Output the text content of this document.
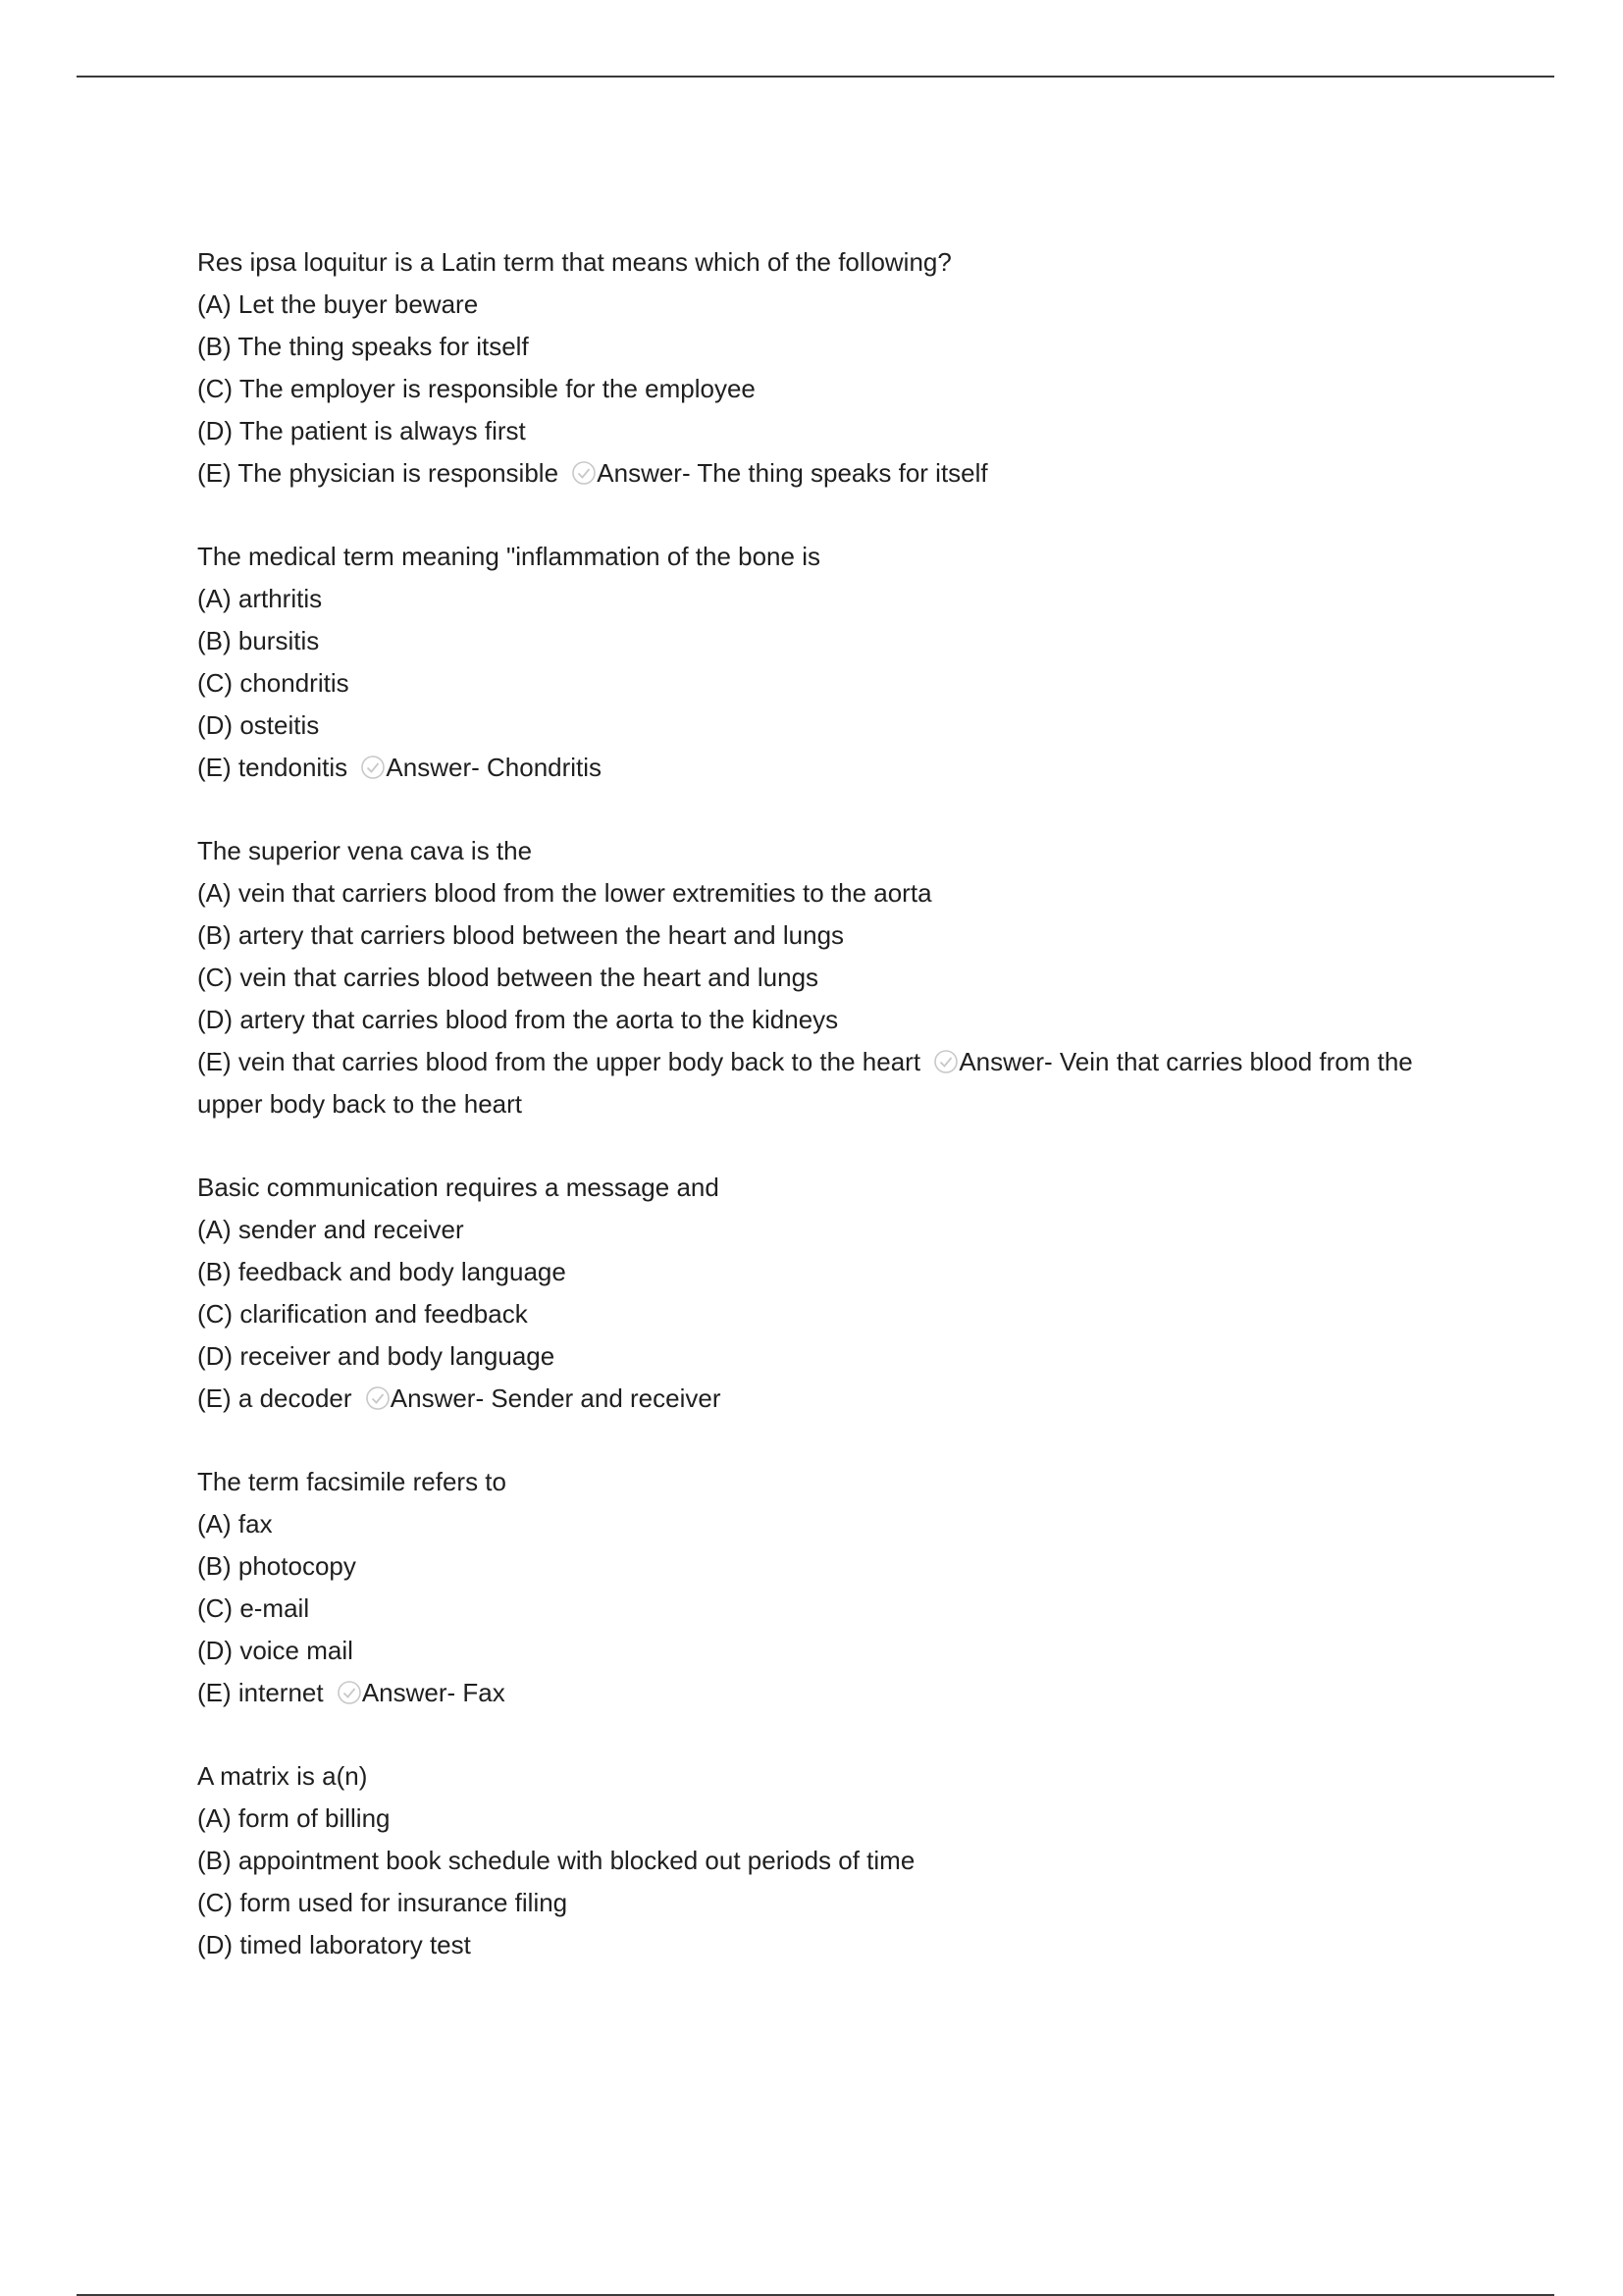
Res ipsa loquitur is a Latin term that means which of the following?

(A) Let the buyer beware

(B) The thing speaks for itself

(C) The employer is responsible for the employee

(D) The patient is always first

(E) The physician is responsible Answer- The thing speaks for itself

The medical term meaning "inflammation of the bone is

(A) arthritis

(B) bursitis

(C) chondritis

(D) osteitis

(E) tendonitis Answer- Chondritis

The superior vena cava is the

(A) vein that carriers blood from the lower extremities to the aorta

(B) artery that carriers blood between the heart and lungs

(C) vein that carries blood between the heart and lungs

(D) artery that carries blood from the aorta to the kidneys

(E) vein that carries blood from the upper body back to the heart Answer- Vein that carries blood from the upper body back to the heart

Basic communication requires a message and

(A) sender and receiver

(B) feedback and body language

(C) clarification and feedback

(D) receiver and body language

(E) a decoder Answer- Sender and receiver

The term facsimile refers to

(A) fax

(B) photocopy

(C) e-mail

(D) voice mail

(E) internet Answer- Fax

A matrix is a(n)

(A) form of billing

(B) appointment book schedule with blocked out periods of time

(C) form used for insurance filing

(D) timed laboratory test
